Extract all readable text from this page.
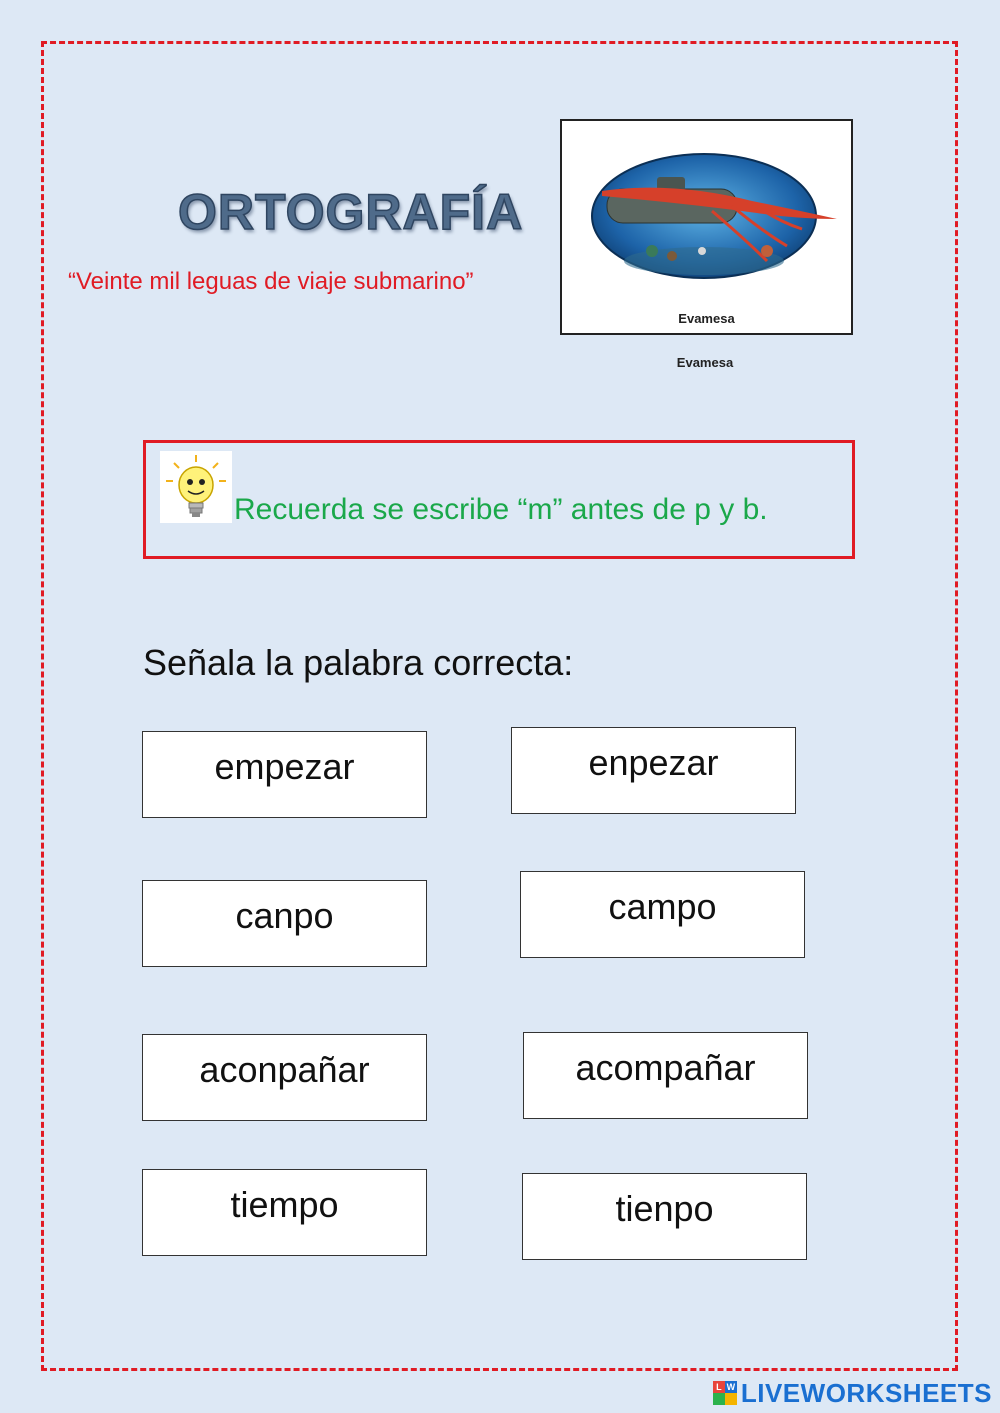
ORTOGRAFÍA
“Veinte mil leguas de viaje submarino”
Evamesa
Evamesa
Recuerda se escribe “m” antes de p y b.
Señala la palabra correcta:
empezar	enpezar
canpo	campo
aconpañar	acompañar
tiempo	tienpo
L W LIVEWORKSHEETS
